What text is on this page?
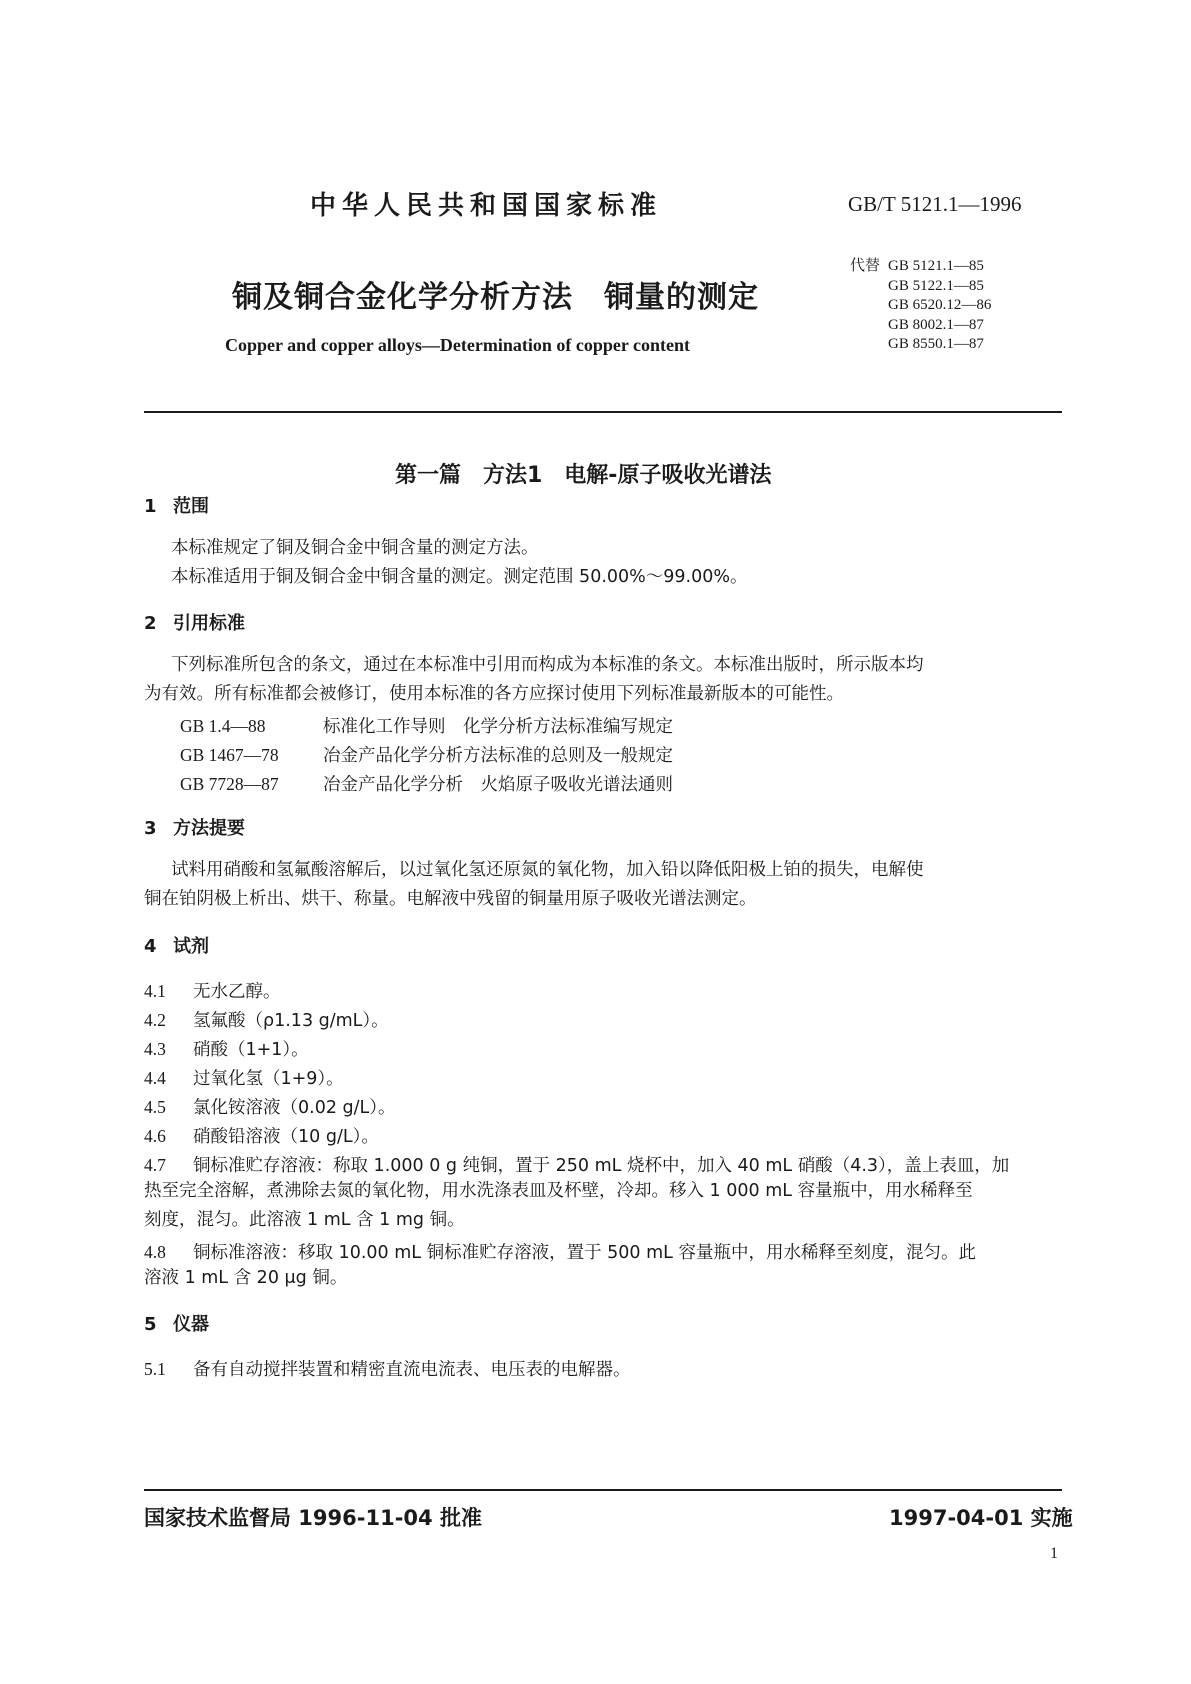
中华人民共和国国家标准	GB/T 5121.1—1996
铜及铜合金化学分析方法　铜量的测定
代替 GB 5121.1—85
GB 5122.1—85
GB 6520.12—86
GB 8002.1—87
GB 8550.1—87
Copper and copper alloys—Determination of copper content
第一篇　方法1　电解-原子吸收光谱法
1 范围
本标准规定了铜及铜合金中铜含量的测定方法。
本标准适用于铜及铜合金中铜含量的测定。测定范围 50.00%～99.00%。
2 引用标准
下列标准所包含的条文，通过在本标准中引用而构成为本标准的条文。本标准出版时，所示版本均
为有效。所有标准都会被修订，使用本标准的各方应探讨使用下列标准最新版本的可能性。
GB 1.4—88	标准化工作导则　化学分析方法标准编写规定
GB 1467—78	冶金产品化学分析方法标准的总则及一般规定
GB 7728—87	冶金产品化学分析　火焰原子吸收光谱法通则
3 方法提要
试料用硝酸和氢氟酸溶解后，以过氧化氢还原氮的氧化物，加入铅以降低阳极上铂的损失，电解使
铜在铂阴极上析出、烘干、称量。电解液中残留的铜量用原子吸收光谱法测定。
4 试剂
4.1 无水乙醇。
4.2 氢氟酸（ρ1.13 g/mL）。
4.3 硝酸（1+1）。
4.4 过氧化氢（1+9）。
4.5 氯化铵溶液（0.02 g/L）。
4.6 硝酸铅溶液（10 g/L）。
4.7 铜标准贮存溶液：称取 1.000 0 g 纯铜，置于 250 mL 烧杯中，加入 40 mL 硝酸（4.3），盖上表皿，加
热至完全溶解，煮沸除去氮的氧化物，用水洗涤表皿及杯壁，冷却。移入 1 000 mL 容量瓶中，用水稀释至
刻度，混匀。此溶液 1 mL 含 1 mg 铜。
4.8 铜标准溶液：移取 10.00 mL 铜标准贮存溶液，置于 500 mL 容量瓶中，用水稀释至刻度，混匀。此
溶液 1 mL 含 20 μg 铜。
5 仪器
5.1 备有自动搅拌装置和精密直流电流表、电压表的电解器。
国家技术监督局 1996-11-04 批准	1997-04-01 实施
1
